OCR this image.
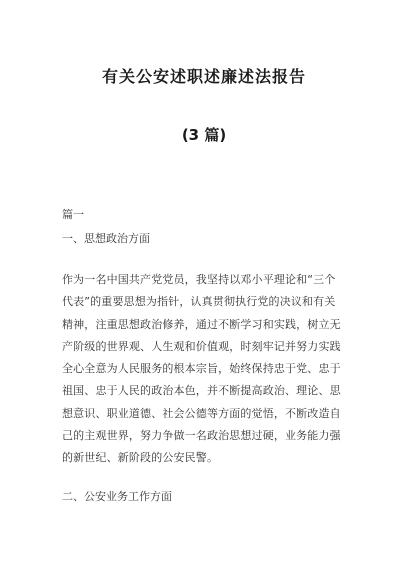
有关公安述职述廉述法报告
(3 篇)
篇一
一、思想政治方面
作为一名中国共产党党员，我坚持以邓小平理论和“三个
代表”的重要思想为指针，认真贯彻执行党的决议和有关
精神，注重思想政治修养，通过不断学习和实践，树立无
产阶级的世界观、人生观和价值观，时刻牢记并努力实践
全心全意为人民服务的根本宗旨，始终保持忠于党、忠于
祖国、忠于人民的政治本色，并不断提高政治、理论、思
想意识、职业道德、社会公德等方面的觉悟，不断改造自
己的主观世界，努力争做一名政治思想过硬，业务能力强
的新世纪、新阶段的公安民警。
二、公安业务工作方面
